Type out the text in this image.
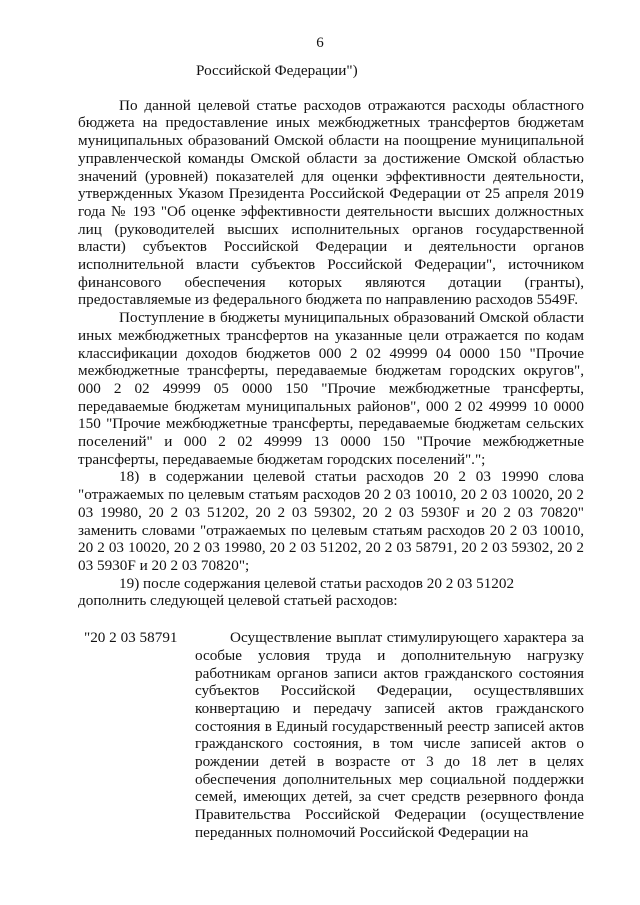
6

Российской Федерации")

По данной целевой статье расходов отражаются расходы областного бюджета на предоставление иных межбюджетных трансфертов бюджетам муниципальных образований Омской области на поощрение муниципальной управленческой команды Омской области за достижение Омской областью значений (уровней) показателей для оценки эффективности деятельности, утвержденных Указом Президента Российской Федерации от 25 апреля 2019 года № 193 "Об оценке эффективности деятельности высших должностных лиц (руководителей высших исполнительных органов государственной власти) субъектов Российской Федерации и деятельности органов исполнительной власти субъектов Российской Федерации", источником финансового обеспечения которых являются дотации (гранты), предоставляемые из федерального бюджета по направлению расходов 5549F.

Поступление в бюджеты муниципальных образований Омской области иных межбюджетных трансфертов на указанные цели отражается по кодам классификации доходов бюджетов 000 2 02 49999 04 0000 150 "Прочие межбюджетные трансферты, передаваемые бюджетам городских округов", 000 2 02 49999 05 0000 150 "Прочие межбюджетные трансферты, передаваемые бюджетам муниципальных районов", 000 2 02 49999 10 0000 150 "Прочие межбюджетные трансферты, передаваемые бюджетам сельских поселений" и 000 2 02 49999 13 0000 150 "Прочие межбюджетные трансферты, передаваемые бюджетам городских поселений".";

18) в содержании целевой статьи расходов 20 2 03 19990 слова "отражаемых по целевым статьям расходов 20 2 03 10010, 20 2 03 10020, 20 2 03 19980, 20 2 03 51202, 20 2 03 59302, 20 2 03 5930F и 20 2 03 70820" заменить словами "отражаемых по целевым статьям расходов 20 2 03 10010, 20 2 03 10020, 20 2 03 19980, 20 2 03 51202, 20 2 03 58791, 20 2 03 59302, 20 2 03 5930F и 20 2 03 70820";

19) после содержания целевой статьи расходов 20 2 03 51202 дополнить следующей целевой статьей расходов:

"20 2 03 58791	Осуществление выплат стимулирующего характера за особые условия труда и дополнительную нагрузку работникам органов записи актов гражданского состояния субъектов Российской Федерации, осуществлявших конвертацию и передачу записей актов гражданского состояния в Единый государственный реестр записей актов гражданского состояния, в том числе записей актов о рождении детей в возрасте от 3 до 18 лет в целях обеспечения дополнительных мер социальной поддержки семей, имеющих детей, за счет средств резервного фонда Правительства Российской Федерации (осуществление переданных полномочий Российской Федерации на
